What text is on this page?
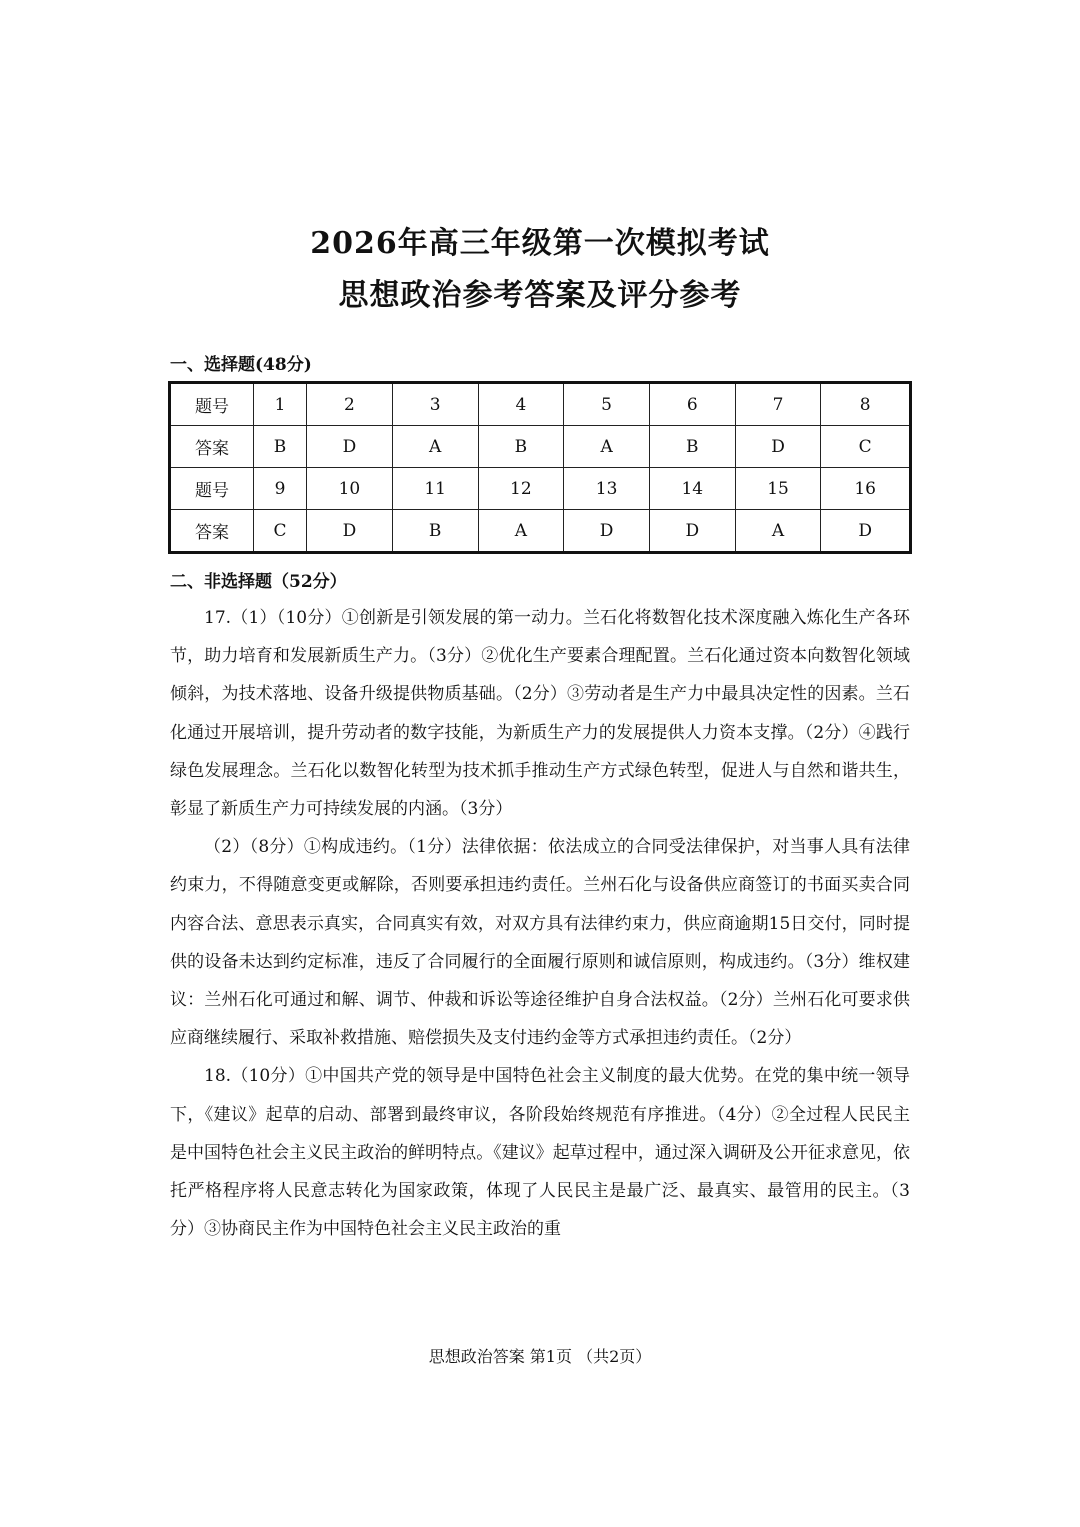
2026年高三年级第一次模拟考试
思想政治参考答案及评分参考
一、选择题(48分)
题号	1	2	3	4	5	6	7	8
答案	B	D	A	B	A	B	D	C
题号	9	10	11	12	13	14	15	16
答案	C	D	B	A	D	D	A	D
二、非选择题（52分）

17.（1）（10分）①创新是引领发展的第一动力。兰石化将数智化技术深度融入炼化生产各环节，助力培育和发展新质生产力。（3分）②优化生产要素合理配置。兰石化通过资本向数智化领域倾斜，为技术落地、设备升级提供物质基础。（2分）③劳动者是生产力中最具决定性的因素。兰石化通过开展培训，提升劳动者的数字技能，为新质生产力的发展提供人力资本支撑。（2分）④践行绿色发展理念。兰石化以数智化转型为技术抓手推动生产方式绿色转型，促进人与自然和谐共生，彰显了新质生产力可持续发展的内涵。（3分）

（2）（8分）①构成违约。（1分）法律依据：依法成立的合同受法律保护，对当事人具有法律约束力，不得随意变更或解除，否则要承担违约责任。兰州石化与设备供应商签订的书面买卖合同内容合法、意思表示真实，合同真实有效，对双方具有法律约束力，供应商逾期15日交付，同时提供的设备未达到约定标准，违反了合同履行的全面履行原则和诚信原则，构成违约。（3分）维权建议：兰州石化可通过和解、调节、仲裁和诉讼等途径维护自身合法权益。（2分）兰州石化可要求供应商继续履行、采取补救措施、赔偿损失及支付违约金等方式承担违约责任。（2分）

18.（10分）①中国共产党的领导是中国特色社会主义制度的最大优势。在党的集中统一领导下，《建议》起草的启动、部署到最终审议，各阶段始终规范有序推进。（4分）②全过程人民民主是中国特色社会主义民主政治的鲜明特点。《建议》起草过程中，通过深入调研及公开征求意见，依托严格程序将人民意志转化为国家政策，体现了人民民主是最广泛、最真实、最管用的民主。（3分）③协商民主作为中国特色社会主义民主政治的重

思想政治答案 第1页 （共2页）
